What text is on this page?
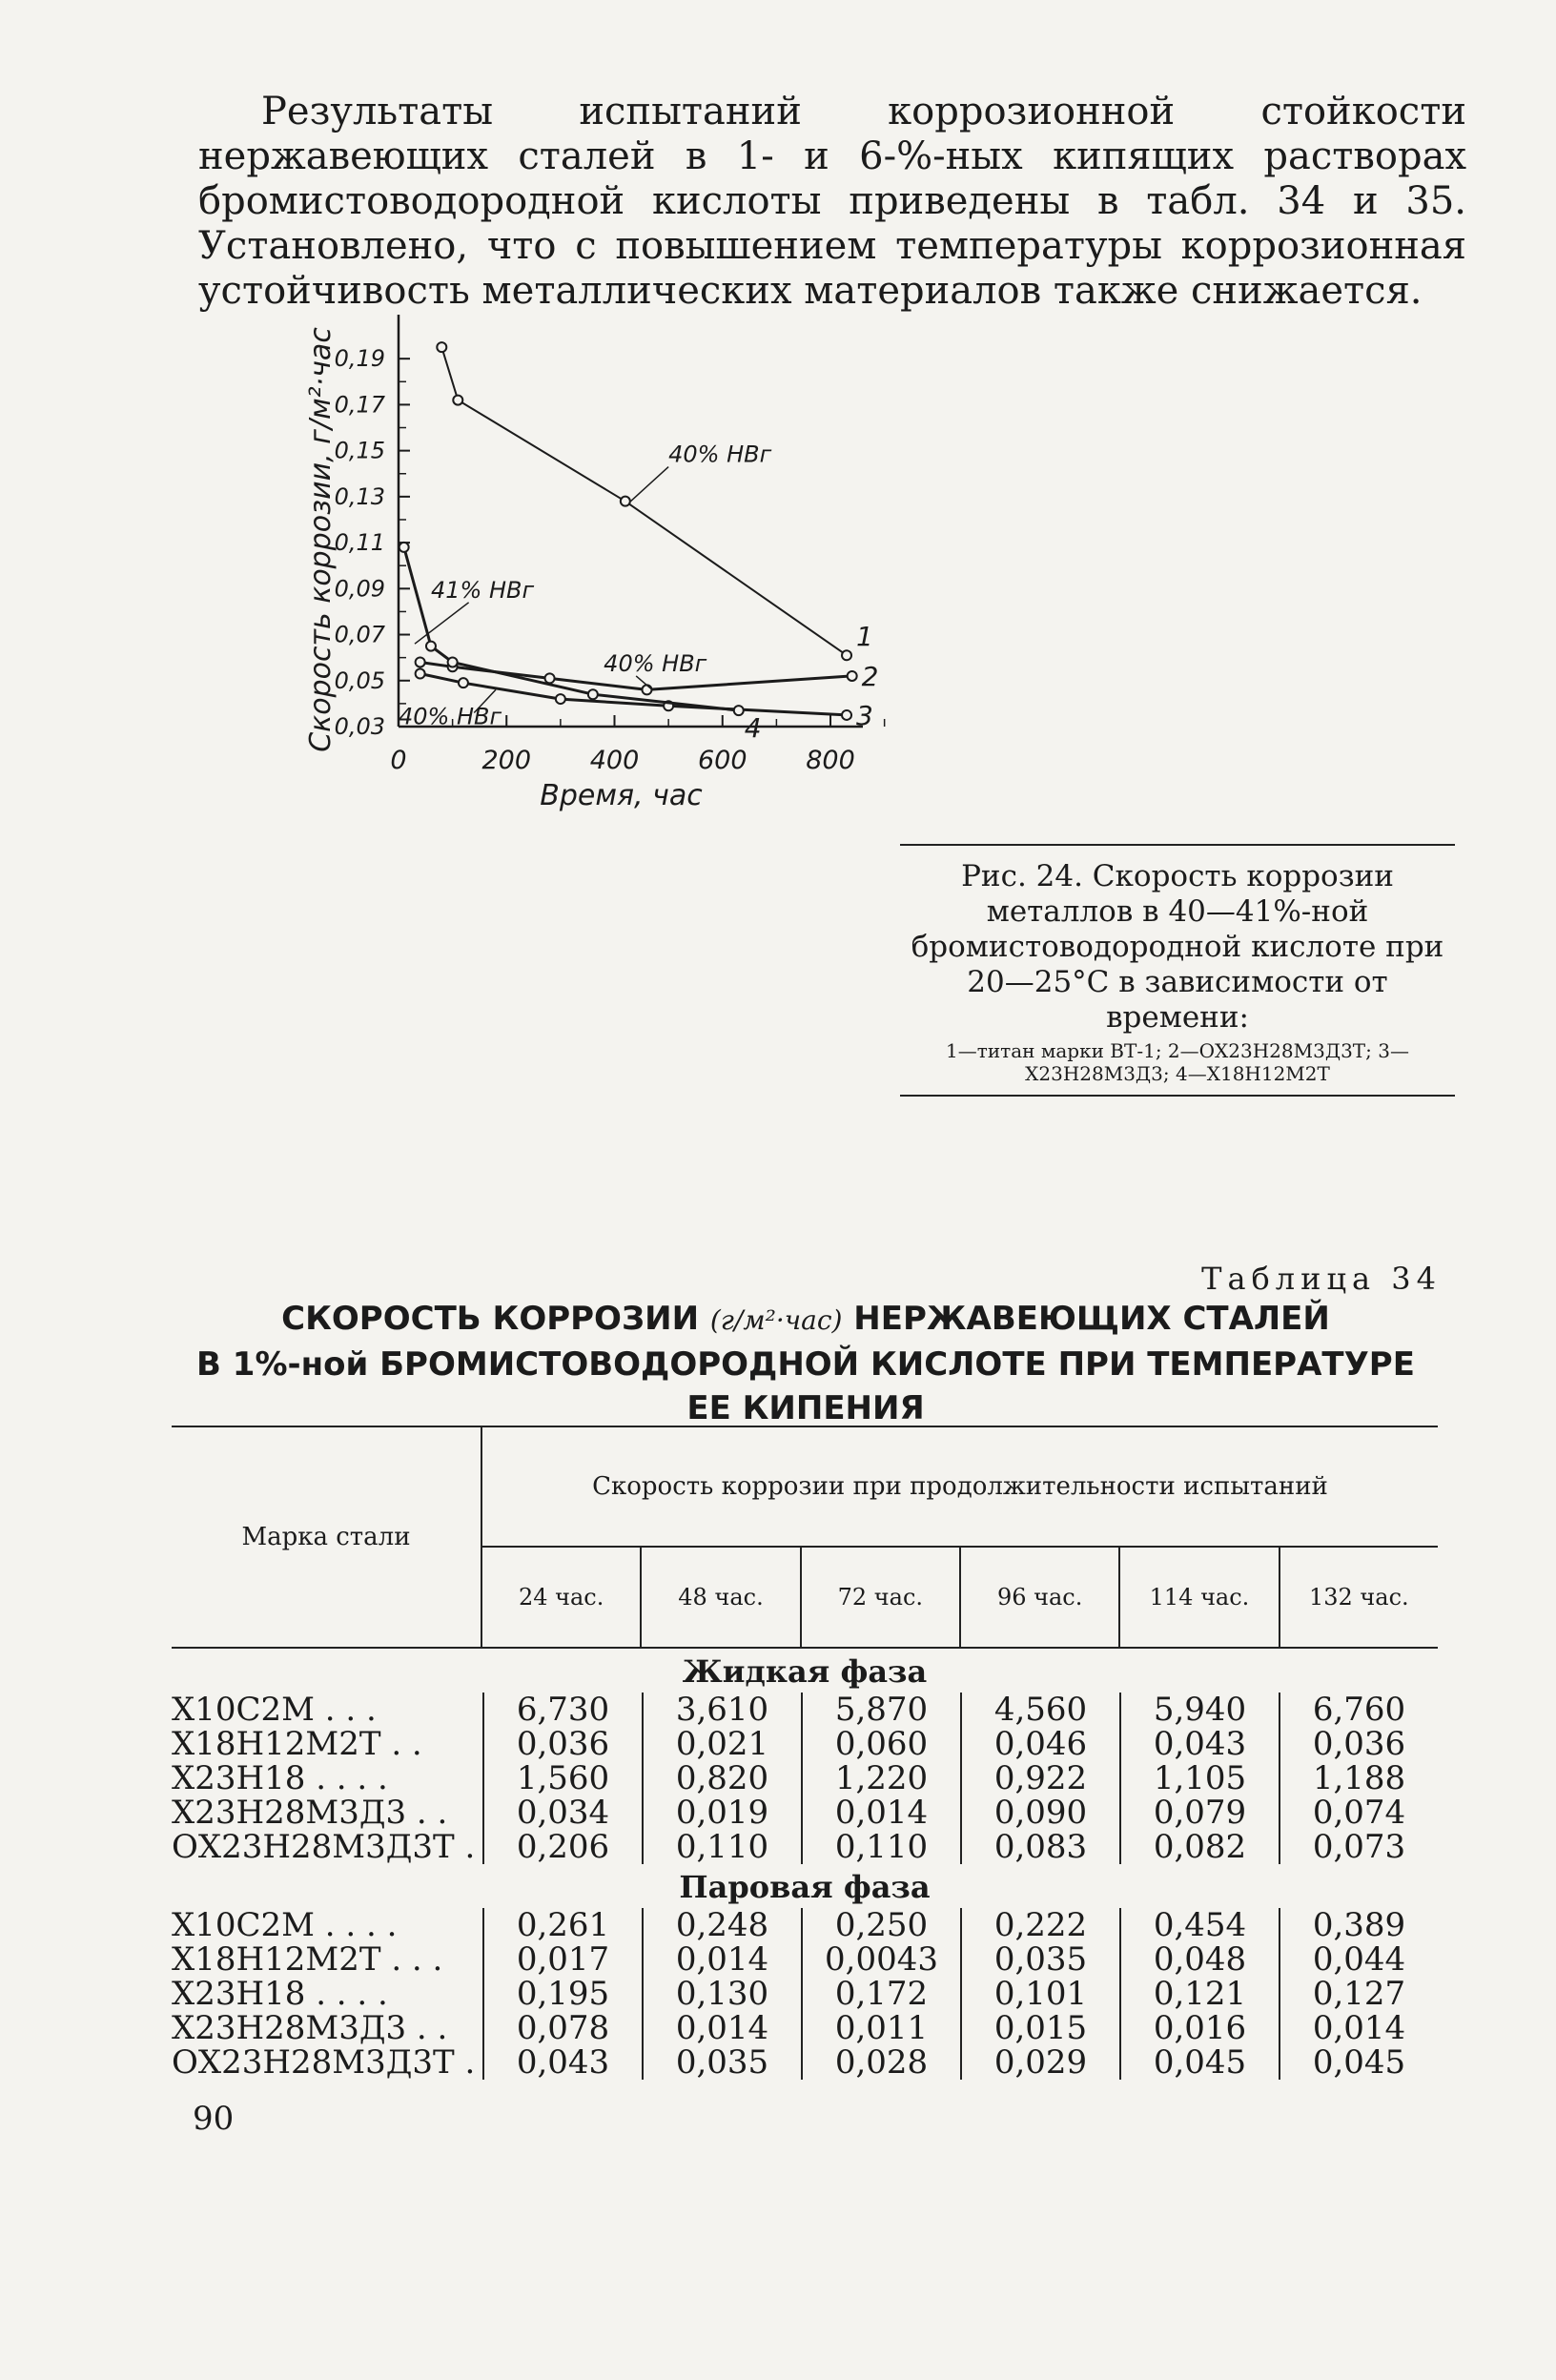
Результаты испытаний коррозионной стойкости нержавеющих сталей в 1- и 6-%-ных кипящих растворах бромистоводородной кислоты приведены в табл. 34 и 35. Установлено, что с повышением температуры коррозионная устойчивость металлических материалов также снижается.

0,03
0,05
0,07
0,09
0,11
0,13
0,15
0,17
0,19
0	200 400 600 800
Время, час
Скорость коррозии, г/м²·час	1
2
3
4
40% НВг
41% НВг
40% НВг
40% НВг
Рис. 24. Скорость коррозии металлов в 40—41%-ной бромистоводородной кислоте при 20—25°С в зависимости от времени:
1—титан марки ВТ-1; 2—ОХ23Н28М3Д3Т; 3—Х23Н28М3Д3; 4—Х18Н12М2Т
Таблица 34
СКОРОСТЬ КОРРОЗИИ (г/м²·час) НЕРЖАВЕЮЩИХ СТАЛЕЙ
В 1%-ной БРОМИСТОВОДОРОДНОЙ КИСЛОТЕ ПРИ ТЕМПЕРАТУРЕ
ЕЕ КИПЕНИЯ
Марка стали
Скорость коррозии при продолжительности испытаний
24 час.	48 час.	72 час.	96 час.	114 час.	132 час.
Жидкая фаза
Х10С2М . . .	6,730	3,610	5,870	4,560	5,940	6,760
Х18Н12М2Т . .	0,036	0,021	0,060	0,046	0,043	0,036
Х23Н18 . . . .	1,560	0,820	1,220	0,922	1,105	1,188
Х23Н28М3Д3 . .	0,034	0,019	0,014	0,090	0,079	0,074
ОХ23Н28М3Д3Т .	0,206	0,110	0,110	0,083	0,082	0,073
Паровая фаза
Х10С2М . . . .	0,261	0,248	0,250	0,222	0,454	0,389
Х18Н12М2Т . . .	0,017	0,014	0,0043	0,035	0,048	0,044
Х23Н18 . . . .	0,195	0,130	0,172	0,101	0,121	0,127
Х23Н28М3Д3 . .	0,078	0,014	0,011	0,015	0,016	0,014
ОХ23Н28М3Д3Т .	0,043	0,035	0,028	0,029	0,045	0,045
90
